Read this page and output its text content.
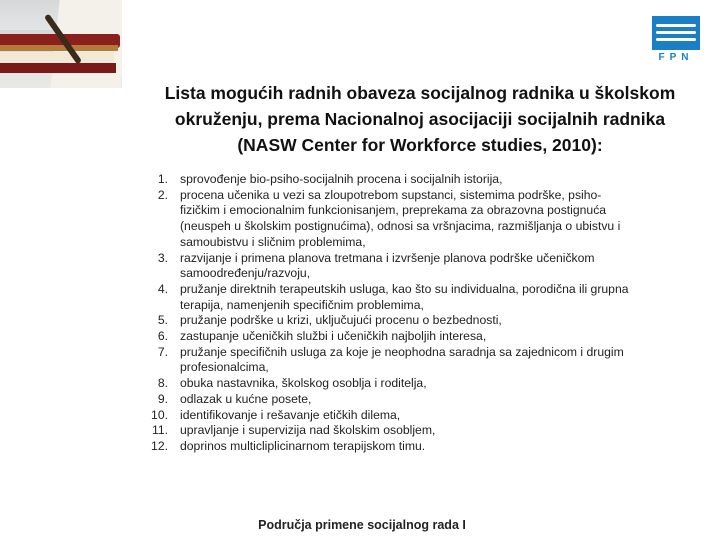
FPN
Lista mogućih radnih obaveza socijalnog radnika u školskom
okruženju, prema Nacionalnoj asocijaciji socijalnih radnika
(NASW Center for Workforce studies, 2010):
1. sprovođenje bio-psiho-socijalnih procena i socijalnih istorija,
2. procena učenika u vezi sa zloupotrebom supstanci, sistemima podrške, psiho-
fizičkim i emocionalnim funkcionisanjem, preprekama za obrazovna postignuća
(neuspeh u školskim postignućima), odnosi sa vršnjacima, razmišljanja o ubistvu i
samoubistvu i sličnim problemima,
3. razvijanje i primena planova tretmana i izvršenje planova podrške učeničkom
samoodređenju/razvoju,
4. pružanje direktnih terapeutskih usluga, kao što su individualna, porodična ili grupna
terapija, namenjenih specifičnim problemima,
5. pružanje podrške u krizi, uključujući procenu o bezbednosti,
6. zastupanje učeničkih službi i učeničkih najboljih interesa,
7. pružanje specifičnih usluga za koje je neophodna saradnja sa zajednicom i drugim
profesionalcima,
8. obuka nastavnika, školskog osoblja i roditelja,
9. odlazak u kućne posete,
10. identifikovanje i rešavanje etičkih dilema,
11. upravljanje i supervizija nad školskim osobljem,
12. doprinos multicliplicinarnom terapijskom timu.
Područja primene socijalnog rada I
